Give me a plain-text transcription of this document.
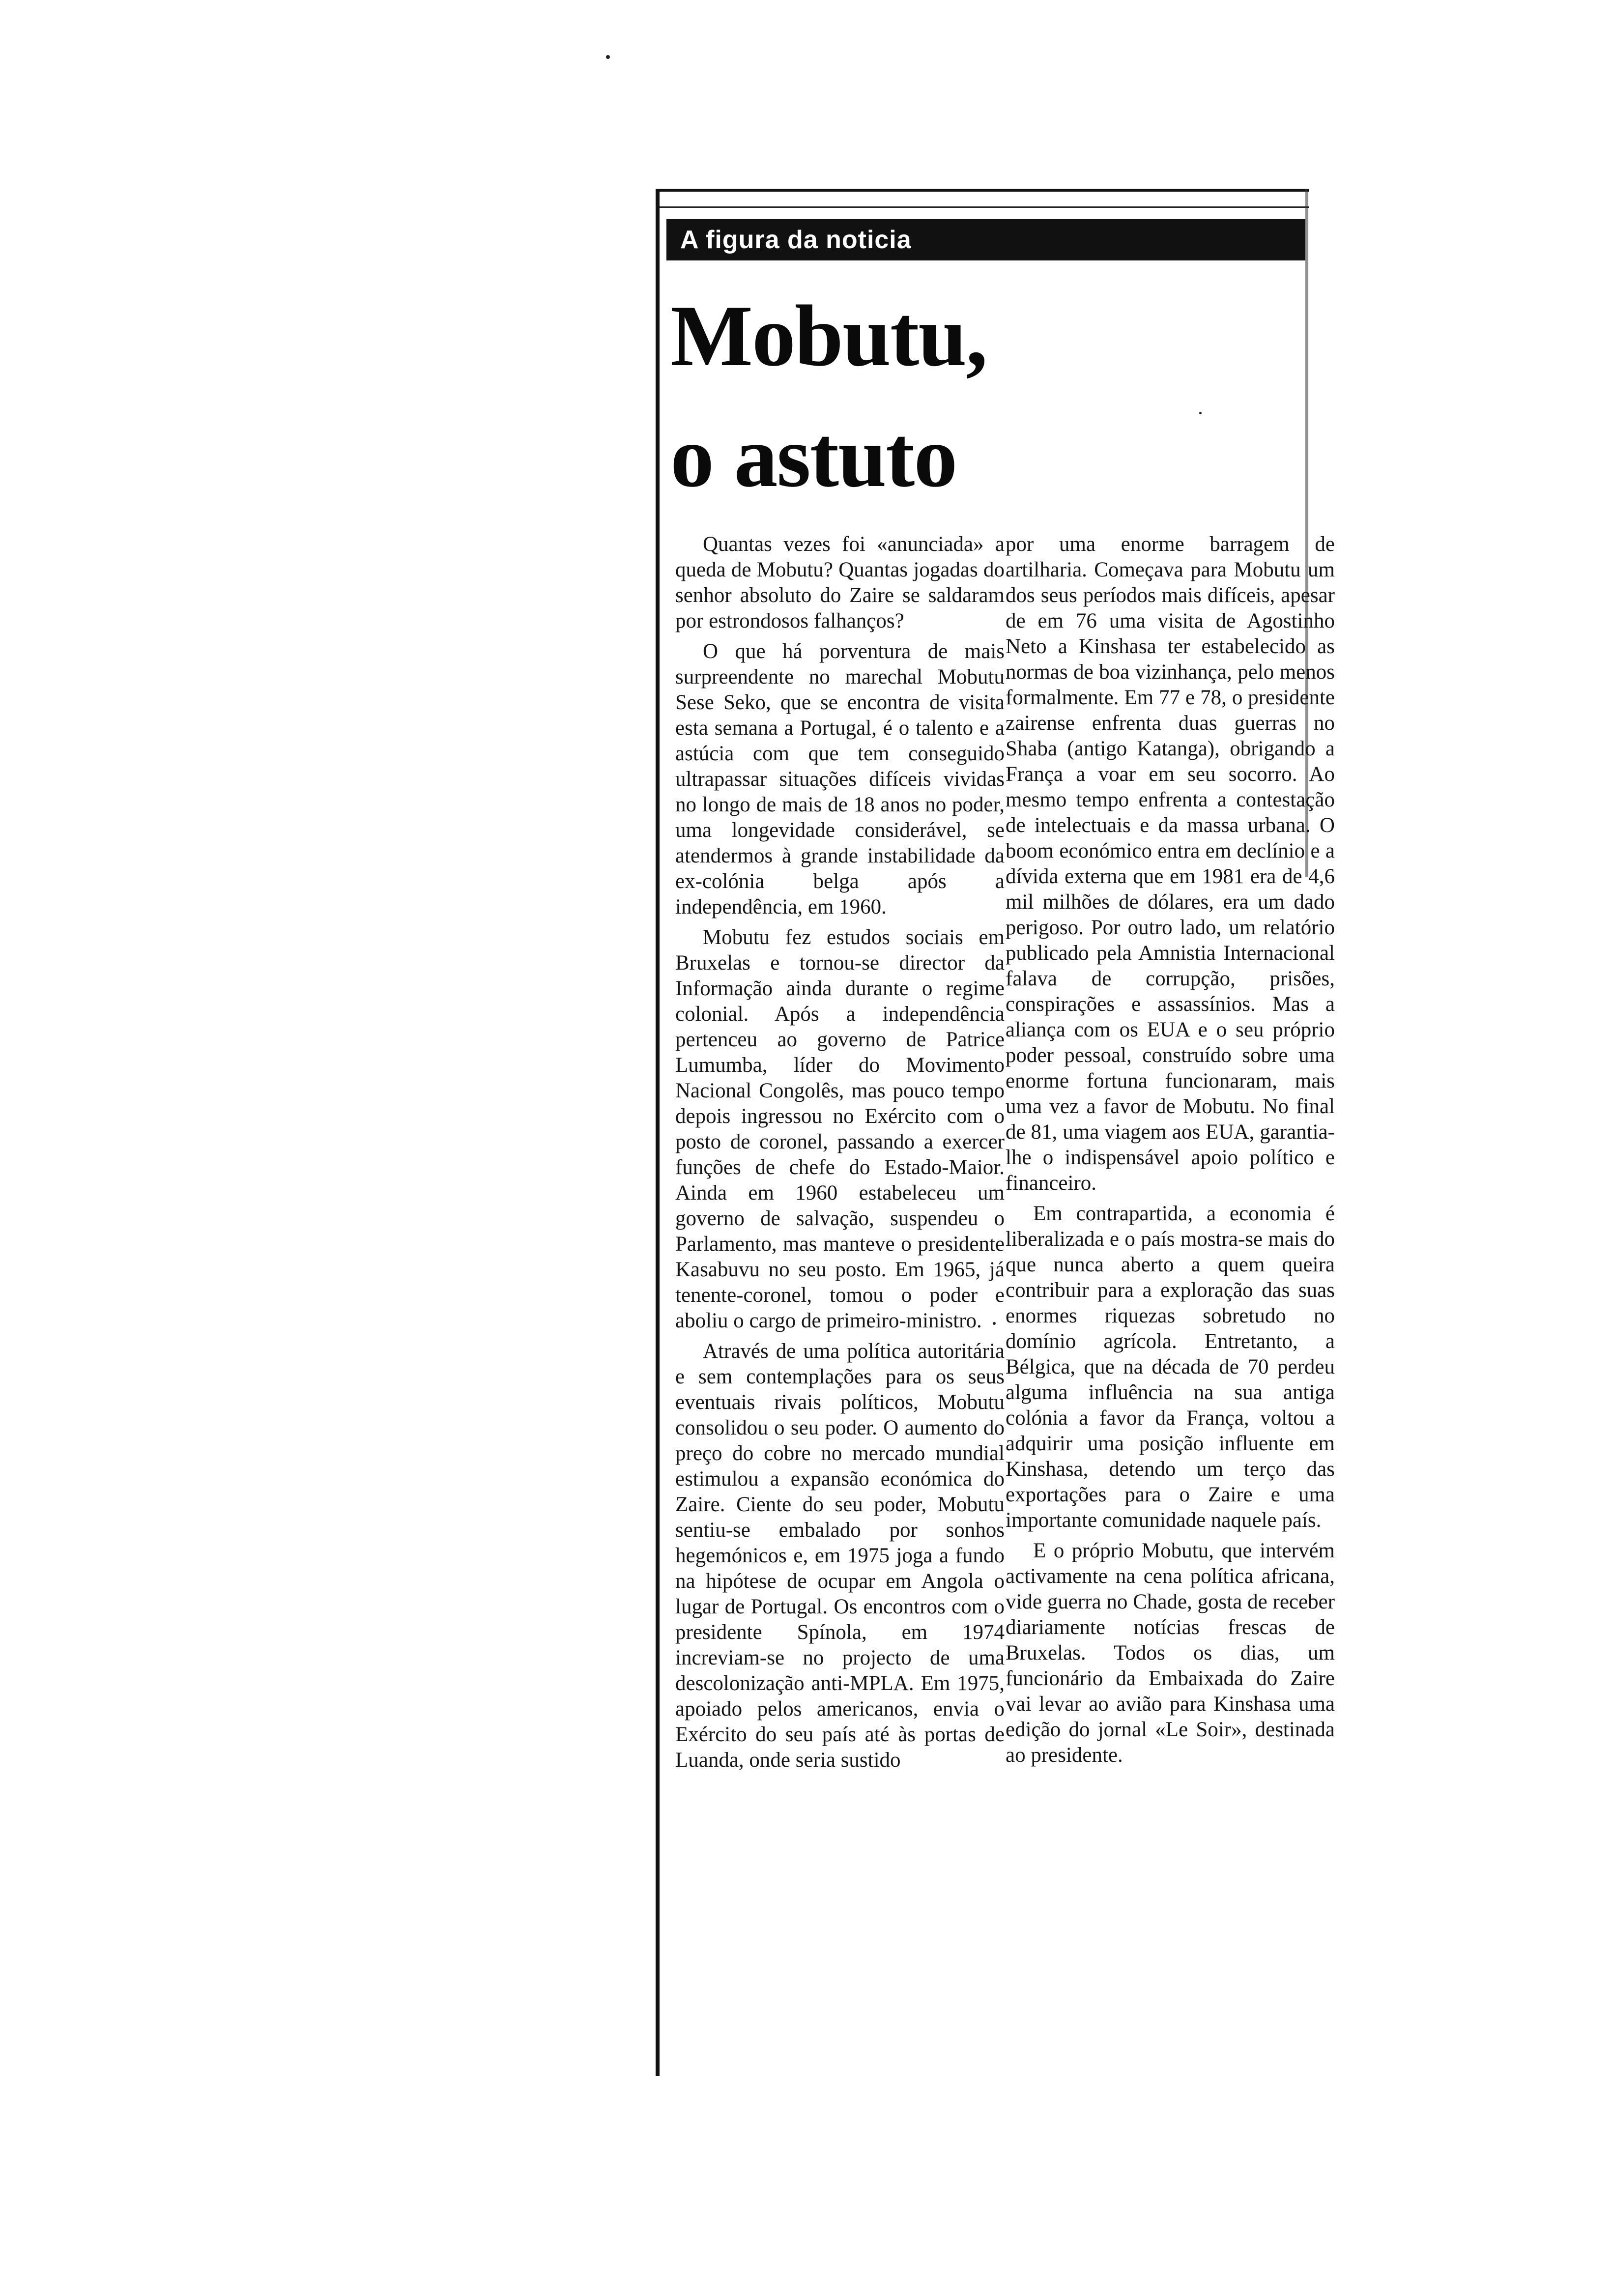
A figura da noticia
Mobutu,
o astuto

Quantas vezes foi «anunciada» a queda de Mobutu? Quantas jogadas do senhor absoluto do Zaire se saldaram por estrondosos falhanços?

O que há porventura de mais surpreendente no marechal Mobutu Sese Seko, que se encontra de visita esta semana a Portugal, é o talento e a astúcia com que tem conseguido ultrapassar situações difíceis vividas no longo de mais de 18 anos no poder, uma longevidade considerável, se atendermos à grande instabilidade da ex-colónia belga após a independência, em 1960.

Mobutu fez estudos sociais em Bruxelas e tornou-se director da Informação ainda durante o regime colonial. Após a independência pertenceu ao governo de Patrice Lumumba, líder do Movimento Nacional Congolês, mas pouco tempo depois ingressou no Exército com o posto de coronel, passando a exercer funções de chefe do Estado-Maior. Ainda em 1960 estabeleceu um governo de salvação, suspendeu o Parlamento, mas manteve o presidente Kasabuvu no seu posto. Em 1965, já tenente-coronel, tomou o poder e aboliu o cargo de primeiro-ministro.

Através de uma política autoritária e sem contemplações para os seus eventuais rivais políticos, Mobutu consolidou o seu poder. O aumento do preço do cobre no mercado mundial estimulou a expansão económica do Zaire. Ciente do seu poder, Mobutu sentiu-se embalado por sonhos hegemónicos e, em 1975 joga a fundo na hipótese de ocupar em Angola o lugar de Portugal. Os encontros com o presidente Spínola, em 1974 increviam-se no projecto de uma descolonização anti-MPLA. Em 1975, apoiado pelos americanos, envia o Exército do seu país até às portas de Luanda, onde seria sustido

por uma enorme barragem de artilharia. Começava para Mobutu um dos seus períodos mais difíceis, apesar de em 76 uma visita de Agostinho Neto a Kinshasa ter estabelecido as normas de boa vizinhança, pelo menos formalmente. Em 77 e 78, o presidente zairense enfrenta duas guerras no Shaba (antigo Katanga), obrigando a França a voar em seu socorro. Ao mesmo tempo enfrenta a contestação de intelectuais e da massa urbana. O boom económico entra em declínio e a dívida externa que em 1981 era de 4,6 mil milhões de dólares, era um dado perigoso. Por outro lado, um relatório publicado pela Amnistia Internacional falava de corrupção, prisões, conspirações e assassínios. Mas a aliança com os EUA e o seu próprio poder pessoal, construído sobre uma enorme fortuna funcionaram, mais uma vez a favor de Mobutu. No final de 81, uma viagem aos EUA, garantia-lhe o indispensável apoio político e financeiro.

Em contrapartida, a economia é liberalizada e o país mostra-se mais do que nunca aberto a quem queira contribuir para a exploração das suas enormes riquezas sobretudo no domínio agrícola. Entretanto, a Bélgica, que na década de 70 perdeu alguma influência na sua antiga colónia a favor da França, voltou a adquirir uma posição influente em Kinshasa, detendo um terço das exportações para o Zaire e uma importante comunidade naquele país.

E o próprio Mobutu, que intervém activamente na cena política africana, vide guerra no Chade, gosta de receber diariamente notícias frescas de Bruxelas. Todos os dias, um funcionário da Embaixada do Zaire vai levar ao avião para Kinshasa uma edição do jornal «Le Soir», destinada ao presidente.
